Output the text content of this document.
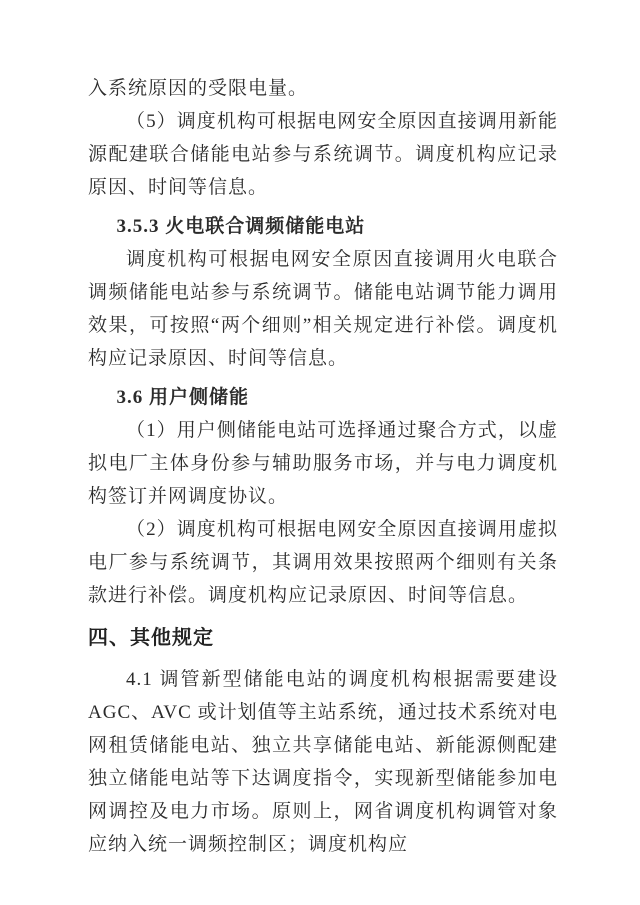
入系统原因的受限电量。

（5）调度机构可根据电网安全原因直接调用新能源配建联合储能电站参与系统调节。调度机构应记录原因、时间等信息。

3.5.3 火电联合调频储能电站

调度机构可根据电网安全原因直接调用火电联合调频储能电站参与系统调节。储能电站调节能力调用效果，可按照“两个细则”相关规定进行补偿。调度机构应记录原因、时间等信息。

3.6 用户侧储能

（1）用户侧储能电站可选择通过聚合方式，以虚拟电厂主体身份参与辅助服务市场，并与电力调度机构签订并网调度协议。

（2）调度机构可根据电网安全原因直接调用虚拟电厂参与系统调节，其调用效果按照两个细则有关条款进行补偿。调度机构应记录原因、时间等信息。

四、其他规定

4.1 调管新型储能电站的调度机构根据需要建设 AGC、AVC 或计划值等主站系统，通过技术系统对电网租赁储能电站、独立共享储能电站、新能源侧配建独立储能电站等下达调度指令，实现新型储能参加电网调控及电力市场。原则上，网省调度机构调管对象应纳入统一调频控制区；调度机构应
